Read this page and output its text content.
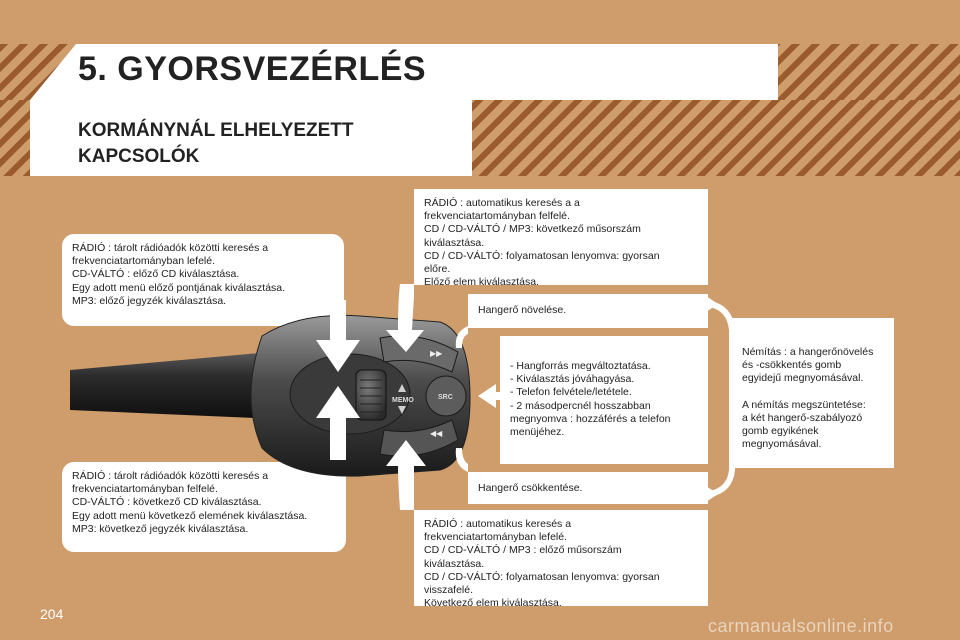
5. GYORSVEZÉRLÉS
KORMÁNYNÁL ELHELYEZETT KAPCSOLÓK
RÁDIÓ : tárolt rádióadók közötti keresés a
frekvenciatartományban lefelé.
CD-VÁLTÓ : előző CD kiválasztása.
Egy adott menü előző pontjának kiválasztása.
MP3: előző jegyzék kiválasztása.
RÁDIÓ : tárolt rádióadók közötti keresés a
frekvenciatartományban felfelé.
CD-VÁLTÓ : következő CD kiválasztása.
Egy adott menü következő elemének kiválasztása.
MP3: következő jegyzék kiválasztása.
RÁDIÓ : automatikus keresés a a
frekvenciatartományban felfelé.
CD / CD-VÁLTÓ / MP3: következő műsorszám
kiválasztása.
CD / CD-VÁLTÓ: folyamatosan lenyomva: gyorsan
előre.
Előző elem kiválasztása.
Hangerő növelése.
- Hangforrás megváltoztatása.
- Kiválasztás jóváhagyása.
- Telefon felvétele/letétele.
- 2 másodpercnél hosszabban
megnyomva : hozzáférés a telefon
menüjéhez.
Hangerő csökkentése.
RÁDIÓ : automatikus keresés a
frekvenciatartományban lefelé.
CD / CD-VÁLTÓ / MP3 : előző műsorszám
kiválasztása.
CD / CD-VÁLTÓ: folyamatosan lenyomva: gyorsan
visszafelé.
Következő elem kiválasztása.
Némítás : a hangerőnövelés
és -csökkentés gomb
egyidejű megnyomásával.

A némítás megszüntetése:
a két hangerő-szabályozó
gomb egyikének
megnyomásával.
MEMO	SRC
▶▶
◀◀
204
carmanualsonline.info
